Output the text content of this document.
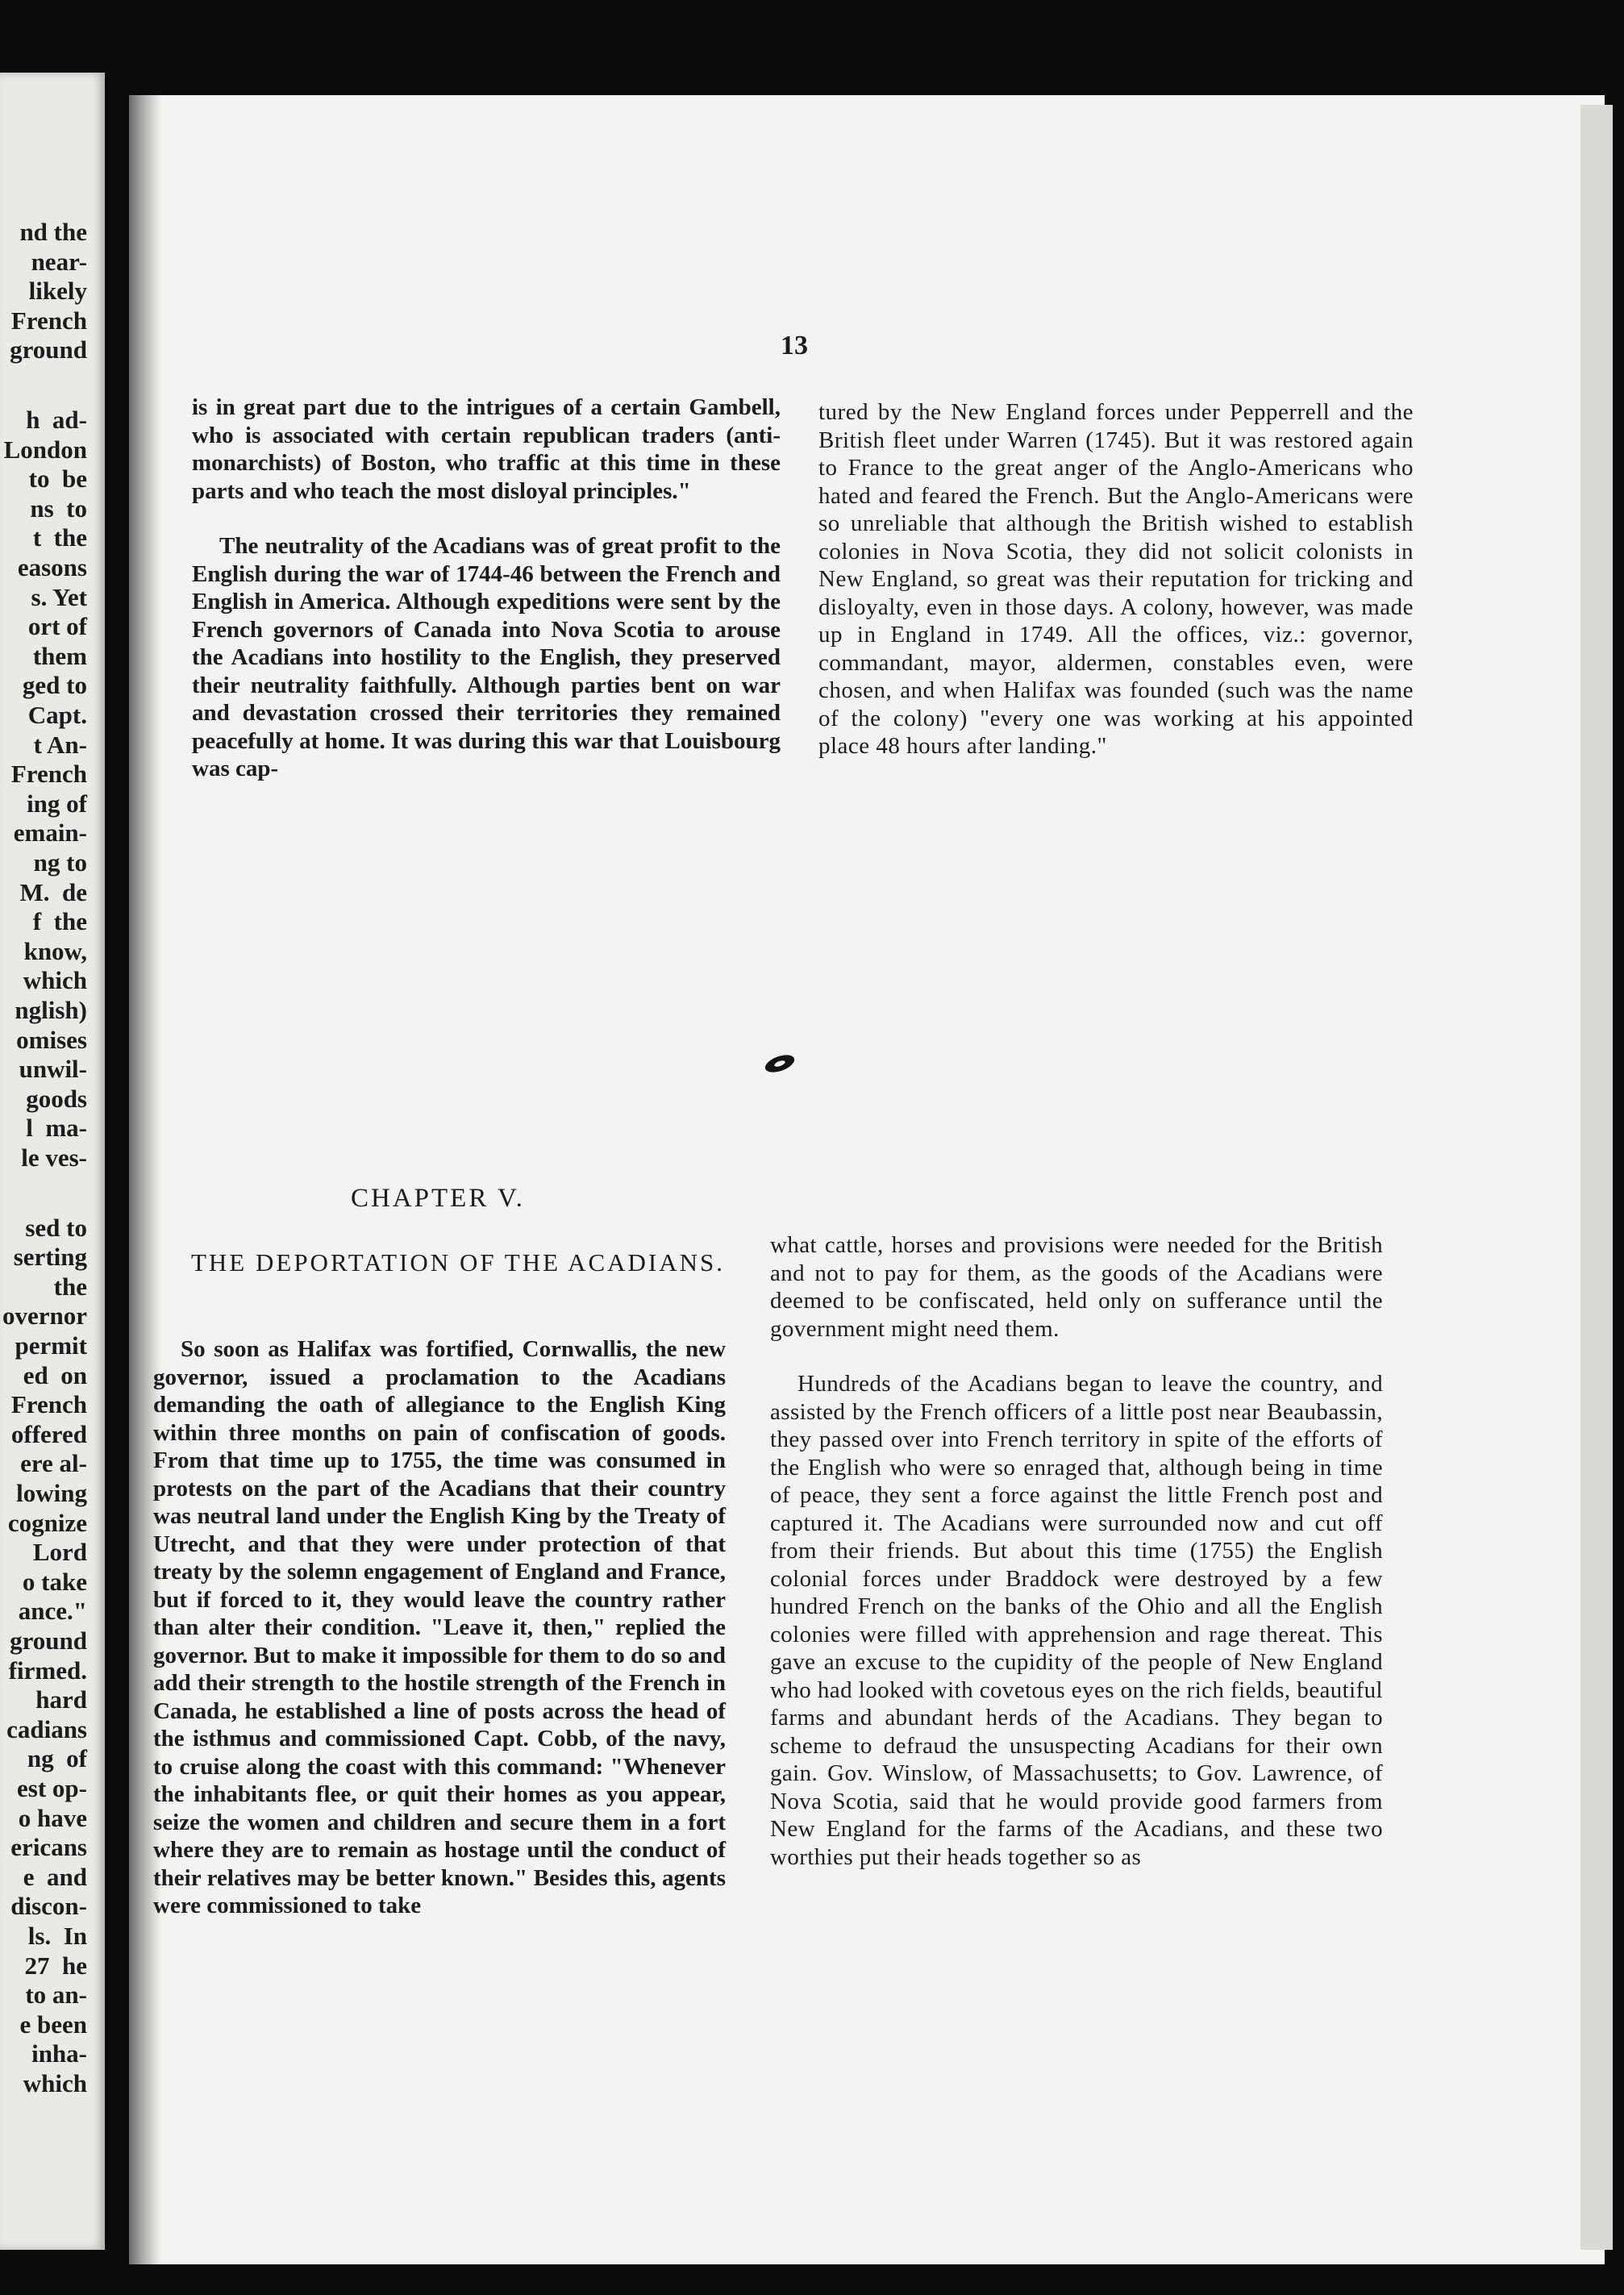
nd the
near-
likely
French
ground
h  ad-
London
to  be
ns  to
t  the
easons
s. Yet
ort of
them
ged to
Capt.
t An-
French
ing of
emain-
ng to
M.  de
f  the
know,
which
nglish)
omises
unwil-
goods
l  ma-
le ves-
sed to
serting
the
overnor
permit
ed  on
French
offered
ere al-
lowing
cognize
Lord
o take
ance."
ground
firmed.
hard
cadians
ng  of
est op-
o have
ericans
e  and
discon-
ls.  In
27  he
to an-
e been
inha-
which
13

is in great part due to the intrigues of a certain Gambell, who is associated with certain republican traders (anti-monarchists) of Boston, who traffic at this time in these parts and who teach the most disloyal principles."

The neutrality of the Acadians was of great profit to the English during the war of 1744-46 between the French and English in America. Although expeditions were sent by the French governors of Canada into Nova Scotia to arouse the Acadians into hostility to the English, they preserved their neutrality faithfully. Although parties bent on war and devastation crossed their territories they remained peacefully at home. It was during this war that Louisbourg was cap-

tured by the New England forces under Pepperrell and the British fleet under Warren (1745). But it was restored again to France to the great anger of the Anglo-Americans who hated and feared the French. But the Anglo-Americans were so unreliable that although the British wished to establish colonies in Nova Scotia, they did not solicit colonists in New England, so great was their reputation for tricking and disloyalty, even in those days. A colony, however, was made up in England in 1749. All the offices, viz.: governor, commandant, mayor, aldermen, constables even, were chosen, and when Halifax was founded (such was the name of the colony) "every one was working at his appointed place 48 hours after landing."

CHAPTER V.
THE DEPORTATION OF THE ACADIANS.

So soon as Halifax was fortified, Cornwallis, the new governor, issued a proclamation to the Acadians demanding the oath of allegiance to the English King within three months on pain of confiscation of goods. From that time up to 1755, the time was consumed in protests on the part of the Acadians that their country was neutral land under the English King by the Treaty of Utrecht, and that they were under protection of that treaty by the solemn engagement of England and France, but if forced to it, they would leave the country rather than alter their condition. "Leave it, then," replied the governor. But to make it impossible for them to do so and add their strength to the hostile strength of the French in Canada, he established a line of posts across the head of the isthmus and commissioned Capt. Cobb, of the navy, to cruise along the coast with this command: "Whenever the inhabitants flee, or quit their homes as you appear, seize the women and children and secure them in a fort where they are to remain as hostage until the conduct of their relatives may be better known." Besides this, agents were commissioned to take

what cattle, horses and provisions were needed for the British and not to pay for them, as the goods of the Acadians were deemed to be confiscated, held only on sufferance until the government might need them.

Hundreds of the Acadians began to leave the country, and assisted by the French officers of a little post near Beaubassin, they passed over into French territory in spite of the efforts of the English who were so enraged that, although being in time of peace, they sent a force against the little French post and captured it. The Acadians were surrounded now and cut off from their friends. But about this time (1755) the English colonial forces under Braddock were destroyed by a few hundred French on the banks of the Ohio and all the English colonies were filled with apprehension and rage thereat. This gave an excuse to the cupidity of the people of New England who had looked with covetous eyes on the rich fields, beautiful farms and abundant herds of the Acadians. They began to scheme to defraud the unsuspecting Acadians for their own gain. Gov. Winslow, of Massachusetts; to Gov. Lawrence, of Nova Scotia, said that he would provide good farmers from New England for the farms of the Acadians, and these two worthies put their heads together so as
